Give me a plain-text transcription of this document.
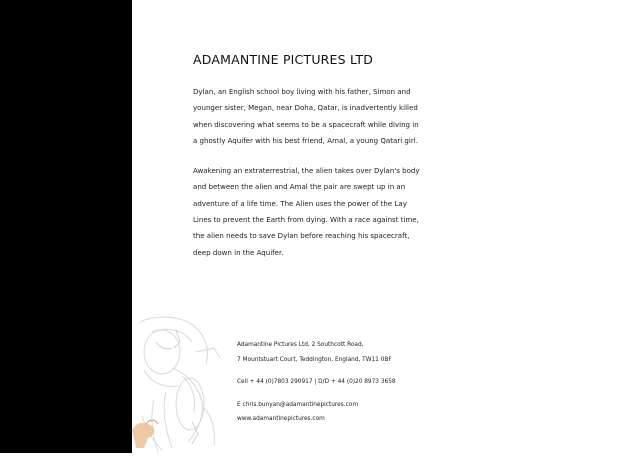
ADAMANTINE PICTURES LTD

Dylan, an English school boy living with his father, Simon and
younger sister, Megan, near Doha, Qatar, is inadvertently killed
when discovering what seems to be a spacecraft while diving in
a ghostly Aquifer with his best friend, Amal, a young Qatari girl.

Awakening an extraterrestrial, the alien takes over Dylan's body
and between the alien and Amal the pair are swept up in an
adventure of a life time. The Alien uses the power of the Lay
Lines to prevent the Earth from dying. With a race against time,
the alien needs to save Dylan before reaching his spacecraft,
deep down in the Aquifer.

Adamantine Pictures Ltd, 2 Southcott Road,
7 Mountstuart Court, Teddington, England, TW11 0BF
Cell + 44 (0)7803 290917 | D/D + 44 (0)20 8973 3658
E chris.bunyan@adamantinepictures.com
www.adamantinepictures.com
